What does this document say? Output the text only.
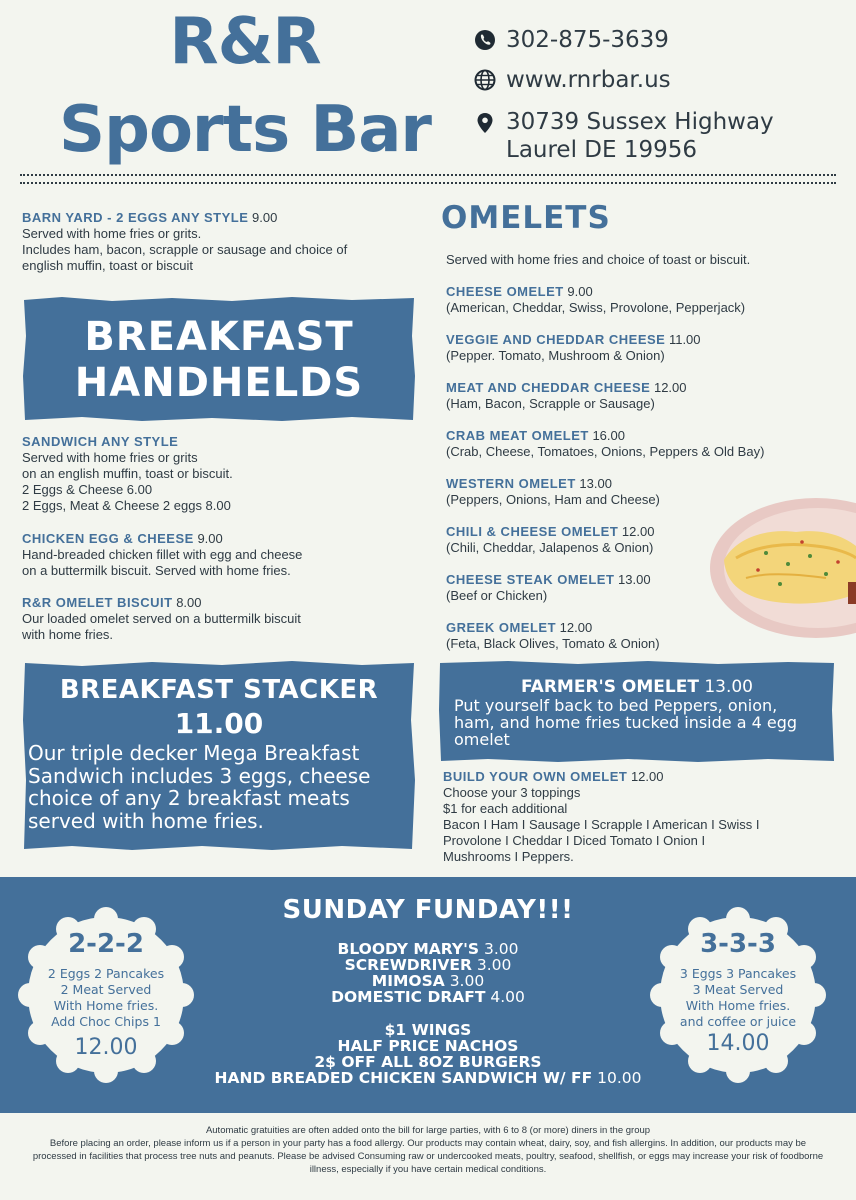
R&R
Sports Bar
302-875-3639
www.rnrbar.us
30739 Sussex Highway
Laurel DE 19956
BARN YARD - 2 EGGS ANY STYLE 9.00
Served with home fries or grits.
Includes ham, bacon, scrapple or sausage and choice of
english muffin, toast or biscuit
BREAKFAST
HANDHELDS
SANDWICH ANY STYLE
Served with home fries or grits
on an english muffin, toast or biscuit.
2 Eggs & Cheese 6.00
2 Eggs, Meat & Cheese 2 eggs 8.00
CHICKEN EGG & CHEESE 9.00
Hand-breaded chicken fillet with egg and cheese
on a buttermilk biscuit. Served with home fries.
R&R OMELET BISCUIT 8.00
Our loaded omelet served on a buttermilk biscuit
with home fries.
BREAKFAST STACKER
11.00
Our triple decker Mega Breakfast
Sandwich includes 3 eggs, cheese
choice of any 2 breakfast meats
served with home fries.
OMELETS
Served with home fries and choice of toast or biscuit.
CHEESE OMELET 9.00
(American, Cheddar, Swiss, Provolone, Pepperjack)
VEGGIE AND CHEDDAR CHEESE 11.00
(Pepper. Tomato, Mushroom & Onion)
MEAT AND CHEDDAR CHEESE 12.00
(Ham, Bacon, Scrapple or Sausage)
CRAB MEAT OMELET 16.00
(Crab, Cheese, Tomatoes, Onions, Peppers & Old Bay)
WESTERN OMELET 13.00
(Peppers, Onions, Ham and Cheese)
CHILI & CHEESE OMELET 12.00
(Chili, Cheddar, Jalapenos & Onion)
CHEESE STEAK OMELET 13.00
(Beef or Chicken)
GREEK OMELET 12.00
(Feta, Black Olives, Tomato & Onion)
FARMER'S OMELET 13.00
Put yourself back to bed Peppers, onion,
ham, and home fries tucked inside a 4 egg
omelet
BUILD YOUR OWN OMELET 12.00
Choose your 3 toppings
$1 for each additional
Bacon I Ham I Sausage I Scrapple I American I Swiss I
Provolone I Cheddar I Diced Tomato I Onion I
Mushrooms I Peppers.
SUNDAY FUNDAY!!!
BLOODY MARY'S 3.00
SCREWDRIVER 3.00
MIMOSA 3.00
DOMESTIC DRAFT 4.00
$1 WINGS
HALF PRICE NACHOS
2$ OFF ALL 8OZ BURGERS
HAND BREADED CHICKEN SANDWICH W/ FF 10.00
2-2-2
2 Eggs 2 Pancakes
2 Meat Served
With Home fries.
Add Choc Chips 1
12.00
3-3-3
3 Eggs 3 Pancakes
3 Meat Served
With Home fries.
and coffee or juice
14.00
Automatic gratuities are often added onto the bill for large parties, with 6 to 8 (or more) diners in the group
Before placing an order, please inform us if a person in your party has a food allergy. Our products may contain wheat, dairy, soy, and fish allergins. In addition, our products may be processed in facilities that process tree nuts and peanuts. Please be advised Consuming raw or undercooked meats, poultry, seafood, shellfish, or eggs may increase your risk of foodborne illness, especially if you have certain medical conditions.
